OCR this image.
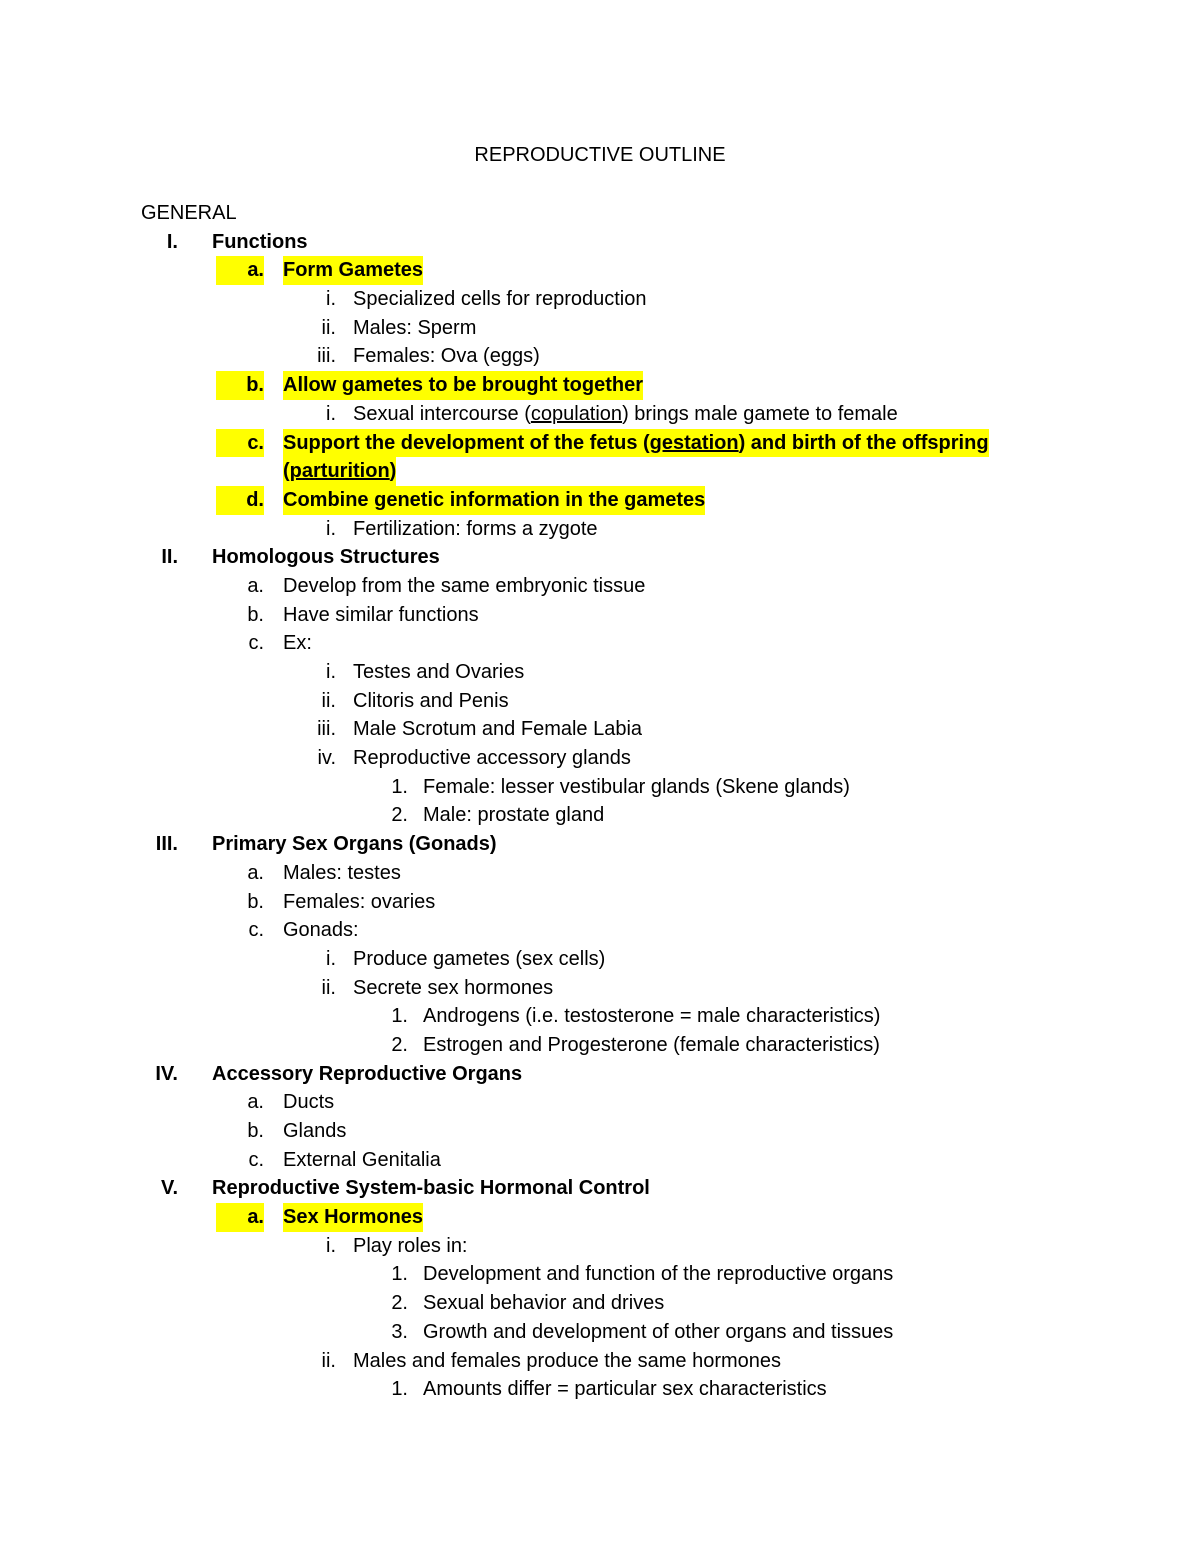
REPRODUCTIVE OUTLINE
GENERAL
I. Functions
a. Form Gametes
i. Specialized cells for reproduction
ii. Males: Sperm
iii. Females: Ova (eggs)
b. Allow gametes to be brought together
i. Sexual intercourse (copulation) brings male gamete to female
c. Support the development of the fetus (gestation) and birth of the offspring
(parturition)
d. Combine genetic information in the gametes
i. Fertilization: forms a zygote
II. Homologous Structures
a. Develop from the same embryonic tissue
b. Have similar functions
c. Ex:
i. Testes and Ovaries
ii. Clitoris and Penis
iii. Male Scrotum and Female Labia
iv. Reproductive accessory glands
1. Female: lesser vestibular glands (Skene glands)
2. Male: prostate gland
III. Primary Sex Organs (Gonads)
a. Males: testes
b. Females: ovaries
c. Gonads:
i. Produce gametes (sex cells)
ii. Secrete sex hormones
1. Androgens (i.e. testosterone = male characteristics)
2. Estrogen and Progesterone (female characteristics)
IV. Accessory Reproductive Organs
a. Ducts
b. Glands
c. External Genitalia
V. Reproductive System-basic Hormonal Control
a. Sex Hormones
i. Play roles in:
1. Development and function of the reproductive organs
2. Sexual behavior and drives
3. Growth and development of other organs and tissues
ii. Males and females produce the same hormones
1. Amounts differ = particular sex characteristics
